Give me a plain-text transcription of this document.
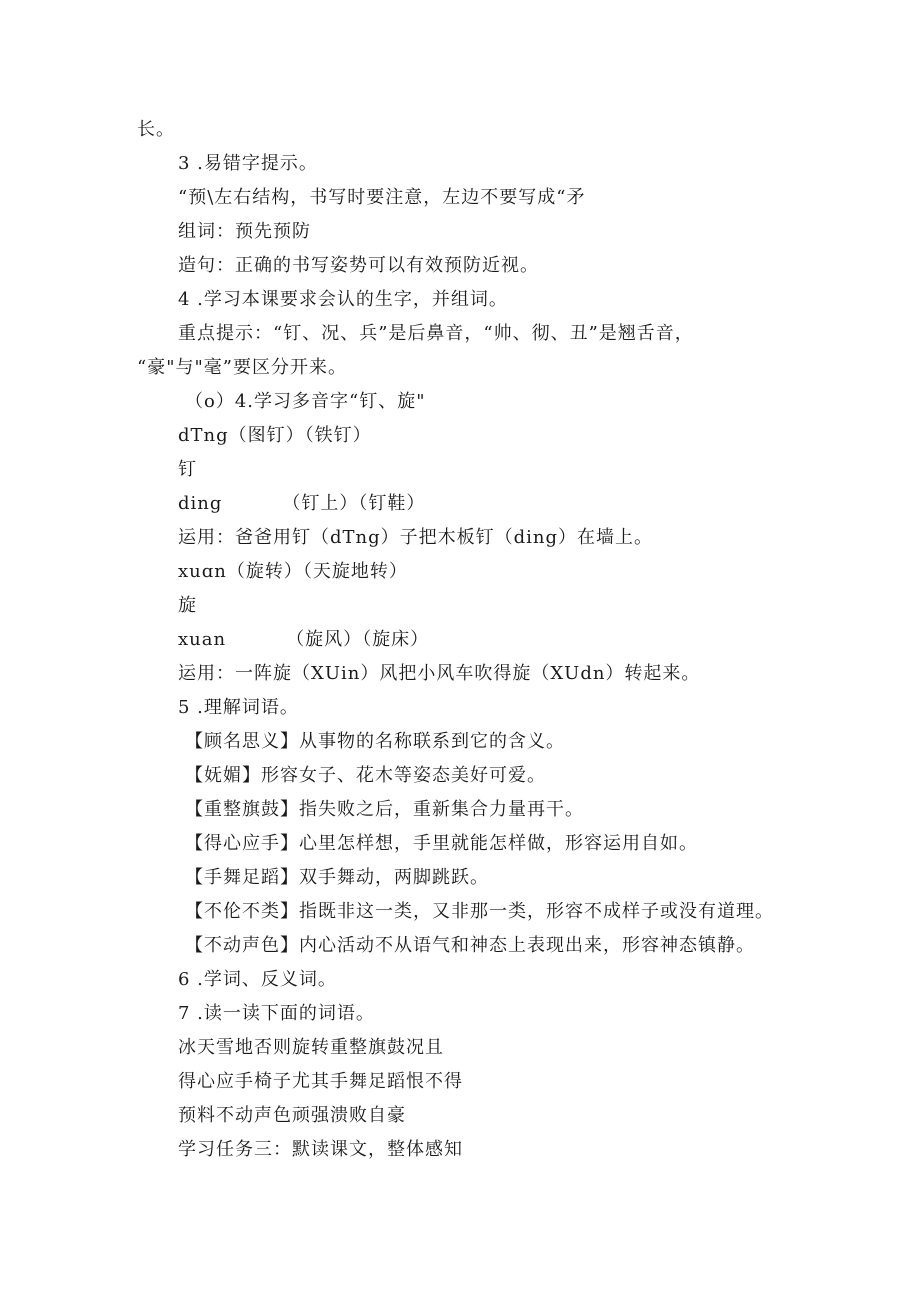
长。
3 .易错字提示。
“预\左右结构，书写时要注意，左边不要写成“矛
组词：预先预防
造句：正确的书写姿势可以有效预防近视。
4 .学习本课要求会认的生字，并组词。
重点提示：“钉、况、兵”是后鼻音，“帅、彻、丑”是翘舌音，
“豪"与"毫”要区分开来。
（o）4.学习多音字“钉、旋"
dTng（图钉）（铁钉）
钉
ding	（钉上）（钉鞋）
运用：爸爸用钉（dTng）子把木板钉（ding）在墙上。
xuɑn（旋转）（天旋地转）
旋
xuan	（旋风）（旋床）
运用：一阵旋（XUin）风把小风车吹得旋（XUdn）转起来。
5 .理解词语。
【顾名思义】从事物的名称联系到它的含义。
【妩媚】形容女子、花木等姿态美好可爱。
【重整旗鼓】指失败之后，重新集合力量再干。
【得心应手】心里怎样想，手里就能怎样做，形容运用自如。
【手舞足蹈】双手舞动，两脚跳跃。
【不伦不类】指既非这一类，又非那一类，形容不成样子或没有道理。
【不动声色】内心活动不从语气和神态上表现出来，形容神态镇静。
6 .学词、反义词。
7 .读一读下面的词语。
冰天雪地否则旋转重整旗鼓况且
得心应手椅子尤其手舞足蹈恨不得
预料不动声色顽强溃败自豪
学习任务三：默读课文，整体感知
